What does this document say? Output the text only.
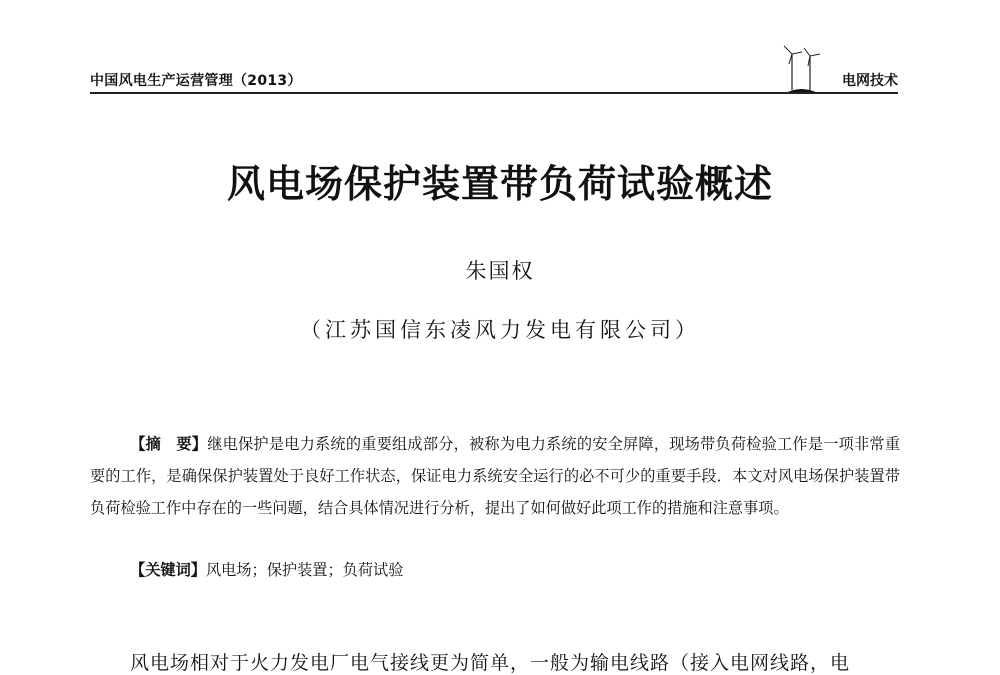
中国风电生产运营管理（2013）	电网技术
风电场保护装置带负荷试验概述
朱国权
（江苏国信东凌风力发电有限公司）
【摘　要】继电保护是电力系统的重要组成部分，被称为电力系统的安全屏障，现场带负荷检验工作是一项非常重要的工作，是确保保护装置处于良好工作状态，保证电力系统安全运行的必不可少的重要手段．本文对风电场保护装置带负荷检验工作中存在的一些问题，结合具体情况进行分析，提出了如何做好此项工作的措施和注意事项。
【关键词】风电场；保护装置；负荷试验
风电场相对于火力发电厂电气接线更为简单，一般为输电线路（接入电网线路，电
